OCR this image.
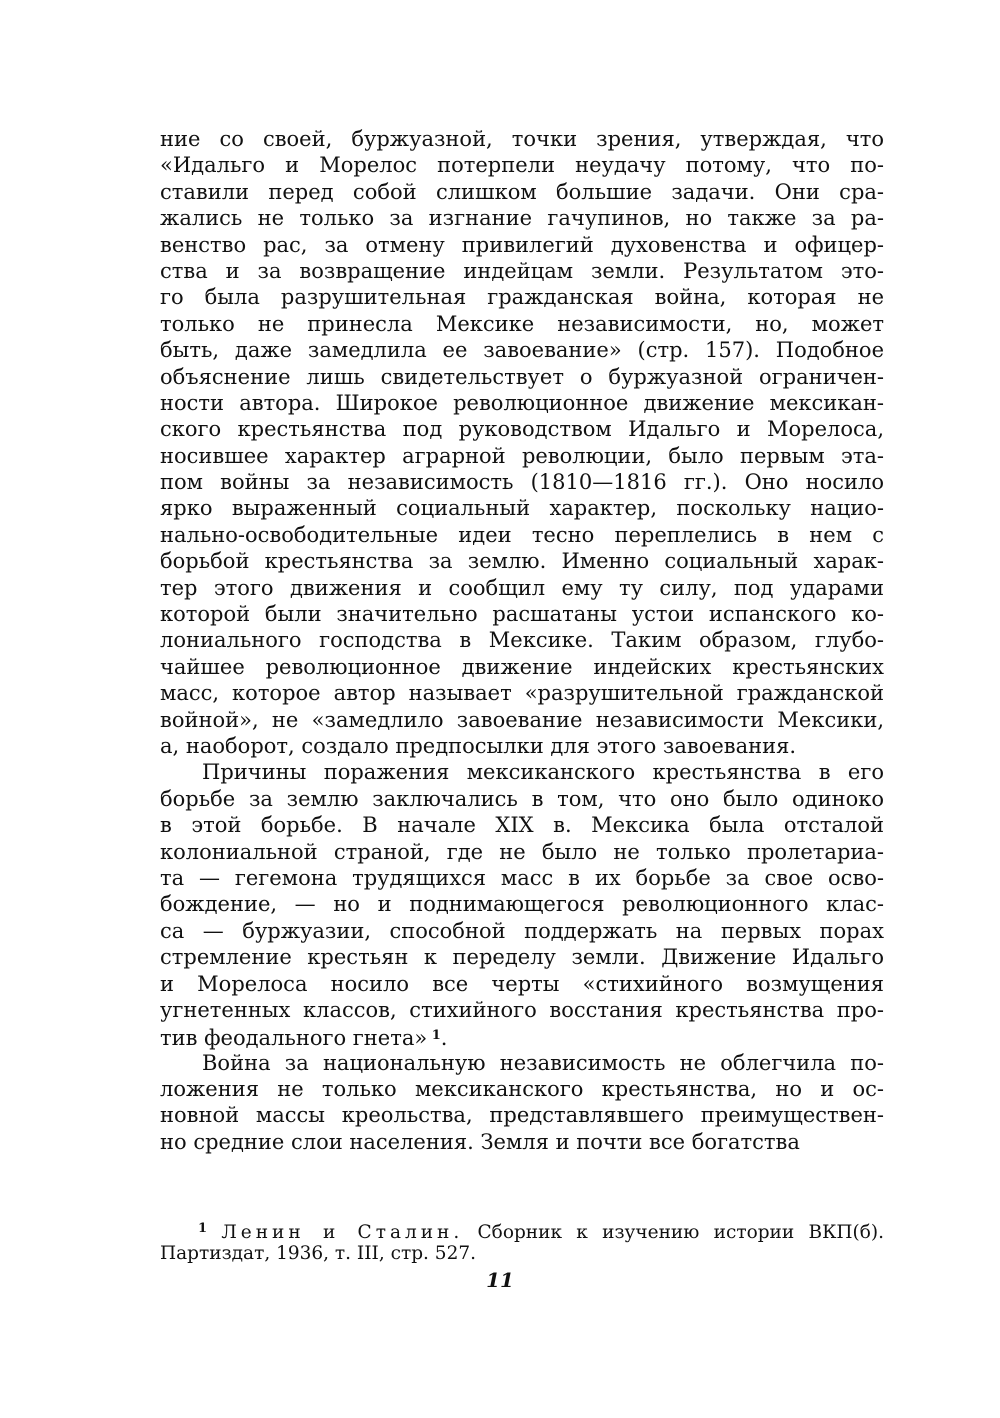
ние со своей, буржуазной, точки зрения, утверждая, что
«Идальго и Морелос потерпели неудачу потому, что по-
ставили перед собой слишком большие задачи. Они сра-
жались не только за изгнание гачупинов, но также за ра-
венство рас, за отмену привилегий духовенства и офицер-
ства и за возвращение индейцам земли. Результатом это-
го была разрушительная гражданская война, которая не
только не принесла Мексике независимости, но, может
быть, даже замедлила ее завоевание» (стр. 157). Подобное
объяснение лишь свидетельствует о буржуазной ограничен-
ности автора. Широкое революционное движение мексикан-
ского крестьянства под руководством Идальго и Морелоса,
носившее характер аграрной революции, было первым эта-
пом войны за независимость (1810—1816 гг.). Оно носило
ярко выраженный социальный характер, поскольку нацио-
нально-освободительные идеи тесно переплелись в нем с
борьбой крестьянства за землю. Именно социальный харак-
тер этого движения и сообщил ему ту силу, под ударами
которой были значительно расшатаны устои испанского ко-
лониального господства в Мексике. Таким образом, глубо-
чайшее революционное движение индейских крестьянских
масс, которое автор называет «разрушительной гражданской
войной», не «замедлило завоевание независимости Мексики,
а, наоборот, создало предпосылки для этого завоевания.
Причины поражения мексиканского крестьянства в его
борьбе за землю заключались в том, что оно было одиноко
в этой борьбе. В начале XIX в. Мексика была отсталой
колониальной страной, где не было не только пролетариа-
та — гегемона трудящихся масс в их борьбе за свое осво-
бождение, — но и поднимающегося революционного клас-
са — буржуазии, способной поддержать на первых порах
стремление крестьян к переделу земли. Движение Идальго
и Морелоса носило все черты «стихийного возмущения
угнетенных классов, стихийного восстания крестьянства про-
тив феодального гнета» $^1$.
Война за национальную независимость не облегчила по-
ложения не только мексиканского крестьянства, но и ос-
новной массы креольства, представлявшего преимуществен-
но средние слои населения. Земля и почти все богатства
$^1$ Ленин и Сталин. Сборник к изучению истории ВКП(б).
Партиздат, 1936, т. III, стр. 527.
11
